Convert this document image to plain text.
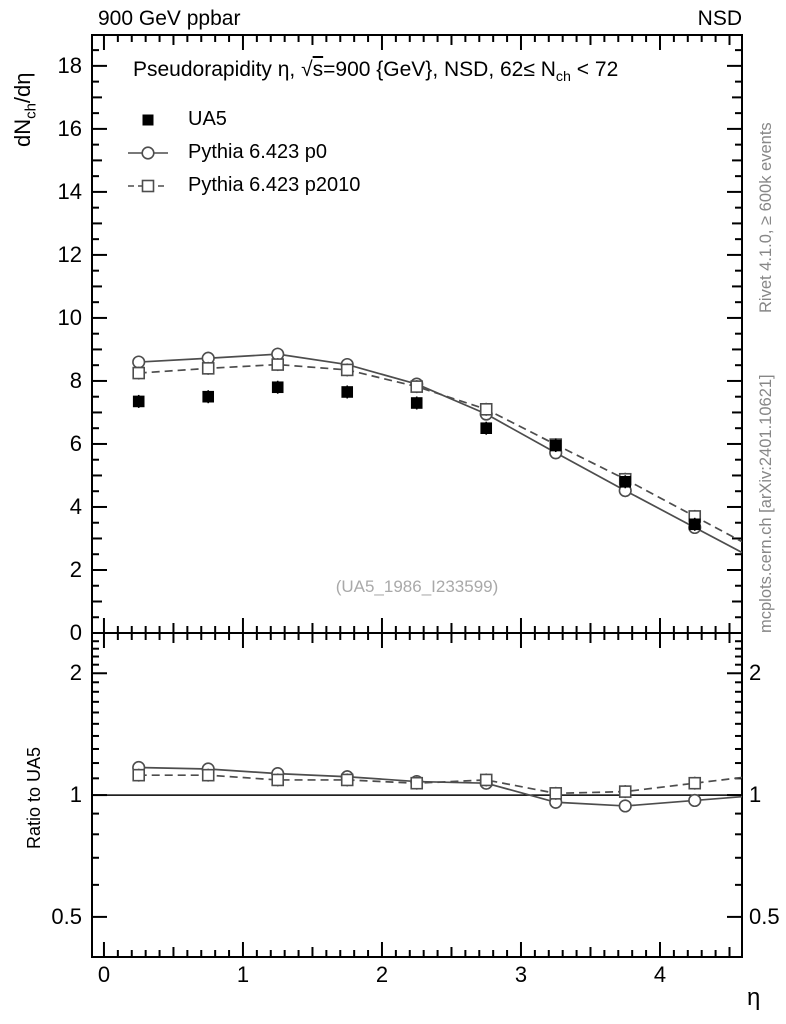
900 GeV ppbar	NSD
Pseudorapidity η, √s=900 {GeV}, NSD, $62\le N_{ch} < 72$
UA5
Pythia 6.423 p0
Pythia 6.423 p2010
$dN_{ch}/d\eta$
Ratio to UA5
Rivet 4.1.0, ≥ 600k events
mcplots.cern.ch [arXiv:2401.10621]
(UA5_1986_I233599)
η
0	1	2	3	4
0
2
4
6
8
10
12
14
16
18
2	2
1	1
0.5	0.5
